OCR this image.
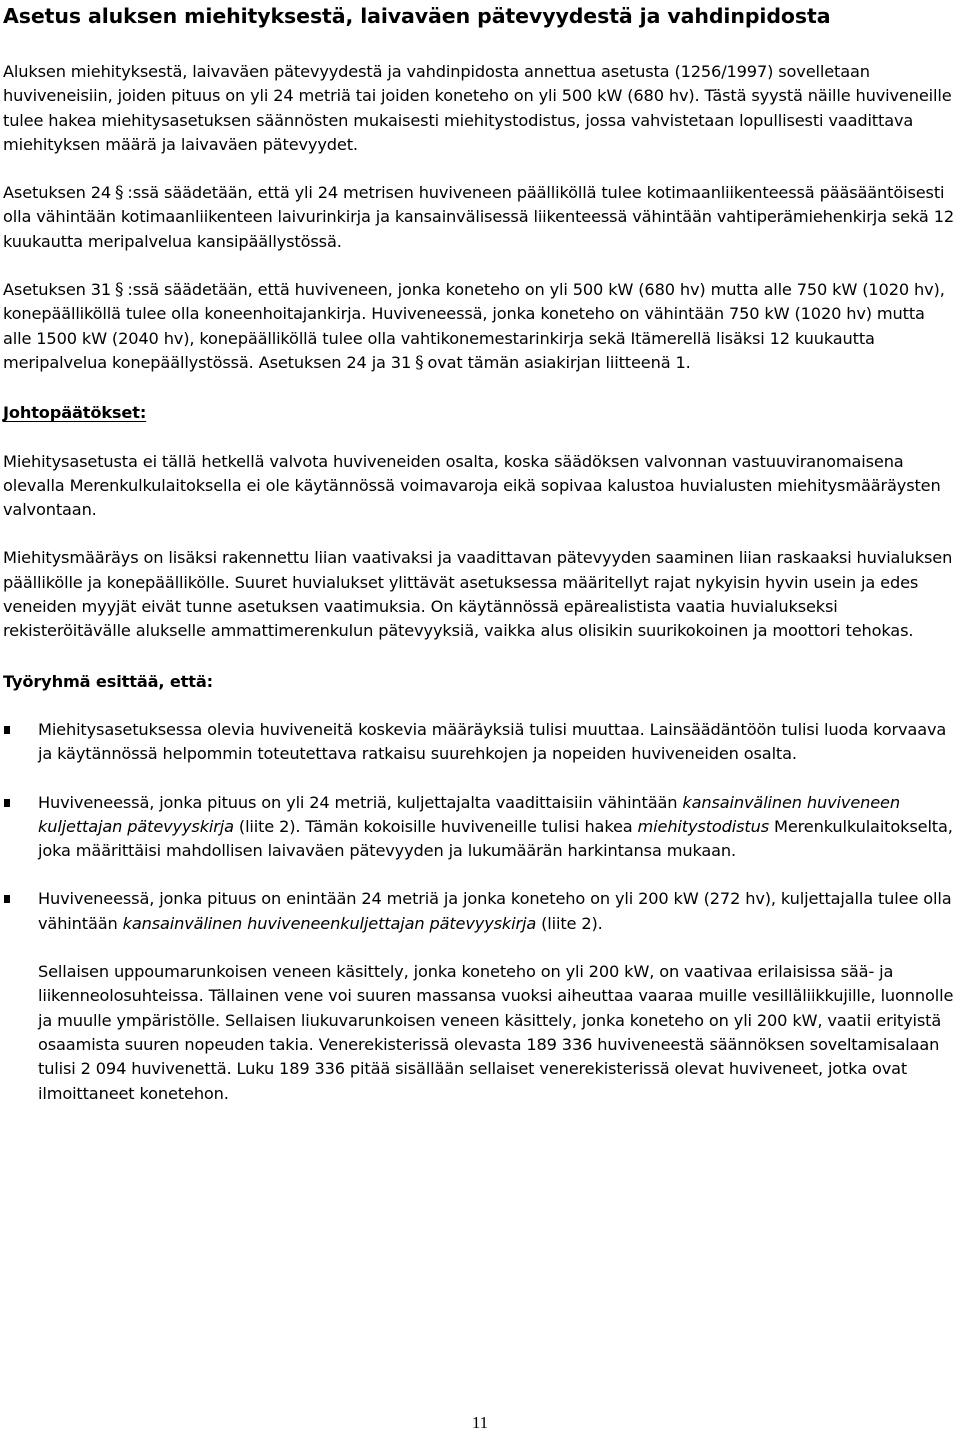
Asetus aluksen miehityksestä, laivaväen pätevyydestä ja vahdinpidosta

Aluksen miehityksestä, laivaväen pätevyydestä ja vahdinpidosta annettua asetusta (1256/1997) sovelletaan huviveneisiin, joiden pituus on yli 24 metriä tai joiden koneteho on yli 500 kW (680 hv). Tästä syystä näille huviveneille tulee hakea miehitysasetuksen säännösten mukaisesti miehitystodistus, jossa vahvistetaan lopullisesti vaadittava miehityksen määrä ja laivaväen pätevyydet.

Asetuksen 24 § :ssä säädetään, että yli 24 metrisen huviveneen päälliköllä tulee kotimaanliikenteessä pääsääntöisesti olla vähintään kotimaanliikenteen laivurinkirja ja kansainvälisessä liikenteessä vähintään vahtiperämiehenkirja sekä 12 kuukautta meripalvelua kansipäällystössä.

Asetuksen 31 § :ssä säädetään, että huviveneen, jonka koneteho on yli 500 kW (680 hv) mutta alle 750 kW (1020 hv), konepäälliköllä tulee olla koneenhoitajankirja. Huviveneessä, jonka koneteho on vähintään 750 kW (1020 hv) mutta alle 1500 kW (2040 hv), konepäälliköllä tulee olla vahtikonemestarinkirja sekä Itämerellä lisäksi 12 kuukautta meripalvelua konepäällystössä. Asetuksen 24 ja 31 § ovat tämän asiakirjan liitteenä 1.

Johtopäätökset:

Miehitysasetusta ei tällä hetkellä valvota huviveneiden osalta, koska säädöksen valvonnan vastuuviranomaisena olevalla Merenkulkulaitoksella ei ole käytännössä voimavaroja eikä sopivaa kalustoa huvialusten miehitysmääräysten valvontaan.

Miehitysmääräys on lisäksi rakennettu liian vaativaksi ja vaadittavan pätevyyden saaminen liian raskaaksi huvialuksen päällikölle ja konepäällikölle. Suuret huvialukset ylittävät asetuksessa määritellyt rajat nykyisin hyvin usein ja edes veneiden myyjät eivät tunne asetuksen vaatimuksia. On käytännössä epärealistista vaatia huvialukseksi rekisteröitävälle alukselle ammattimerenkulun pätevyyksiä, vaikka alus olisikin suurikokoinen ja moottori tehokas.

Työryhmä esittää, että:

Miehitysasetuksessa olevia huviveneitä koskevia määräyksiä tulisi muuttaa. Lainsäädäntöön tulisi luoda korvaava ja käytännössä helpommin toteutettava ratkaisu suurehkojen ja nopeiden huviveneiden osalta.

Huviveneessä, jonka pituus on yli 24 metriä, kuljettajalta vaadittaisiin vähintään kansainvälinen huviveneen kuljettajan pätevyyskirja (liite 2). Tämän kokoisille huviveneille tulisi hakea miehitystodistus Merenkulkulaitokselta, joka määrittäisi mahdollisen laivaväen pätevyyden ja lukumäärän harkintansa mukaan.

Huviveneessä, jonka pituus on enintään 24 metriä ja jonka koneteho on yli 200 kW (272 hv), kuljettajalla tulee olla vähintään kansainvälinen huviveneenkuljettajan pätevyyskirja (liite 2).

Sellaisen uppoumarunkoisen veneen käsittely, jonka koneteho on yli 200 kW, on vaativaa erilaisissa sää- ja liikenneolosuhteissa. Tällainen vene voi suuren massansa vuoksi aiheuttaa vaaraa muille vesilläliikkujille, luonnolle ja muulle ympäristölle. Sellaisen liukuvarunkoisen veneen käsittely, jonka koneteho on yli 200 kW, vaatii erityistä osaamista suuren nopeuden takia. Venerekisterissä olevasta 189 336 huviveneestä säännöksen soveltamisalaan tulisi 2 094 huvivenettä. Luku 189 336 pitää sisällään sellaiset venerekisterissä olevat huviveneet, jotka ovat ilmoittaneet konetehon.

11
